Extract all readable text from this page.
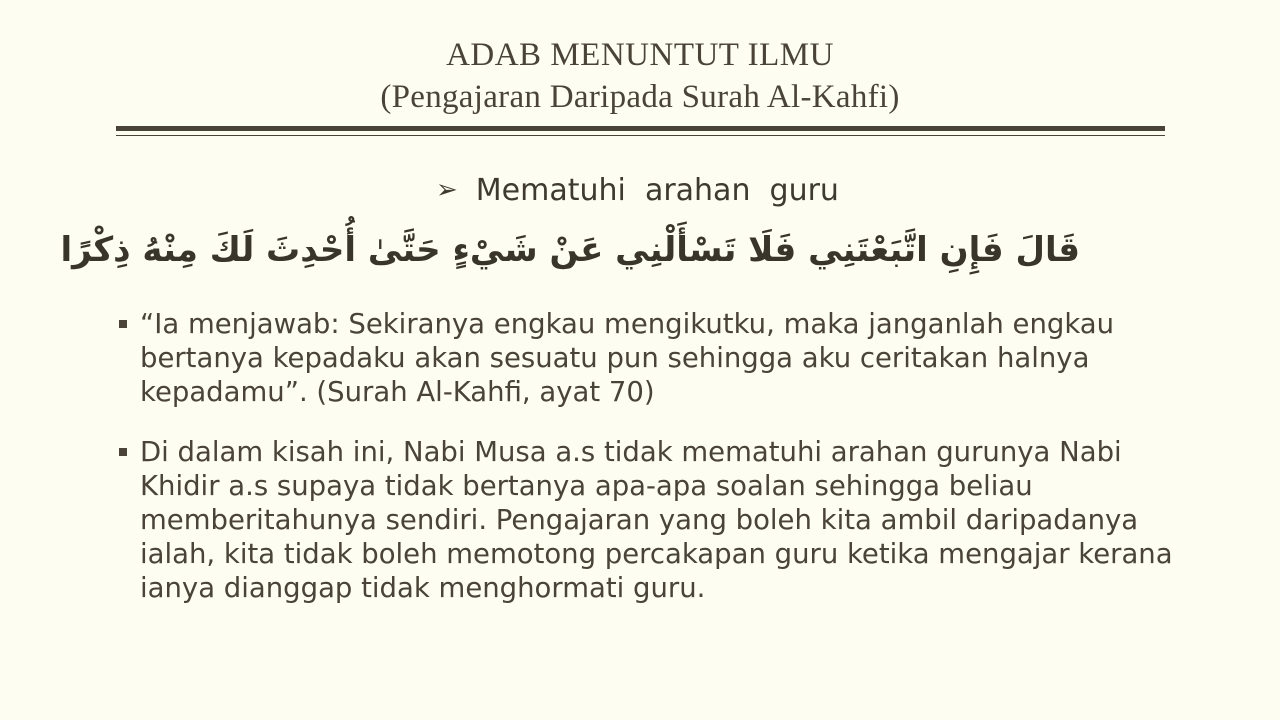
ADAB MENUNTUT ILMU
(Pengajaran Daripada Surah Al-Kahfi)
➢ Mematuhi  arahan  guru
قَالَ فَإِنِ اتَّبَعْتَنِي فَلَا تَسْأَلْنِي عَنْ شَيْءٍ حَتَّىٰ أُحْدِثَ لَكَ مِنْهُ ذِكْرًا
“Ia menjawab: Sekiranya engkau mengikutku, maka janganlah engkau bertanya kepadaku akan sesuatu pun sehingga aku ceritakan halnya kepadamu”. (Surah Al-Kahfi, ayat 70)
Di dalam kisah ini, Nabi Musa a.s tidak mematuhi arahan gurunya Nabi Khidir a.s supaya tidak bertanya apa-apa soalan sehingga beliau memberitahunya sendiri. Pengajaran yang boleh kita ambil daripadanya ialah, kita tidak boleh memotong percakapan guru ketika mengajar kerana ianya dianggap tidak menghormati guru.
